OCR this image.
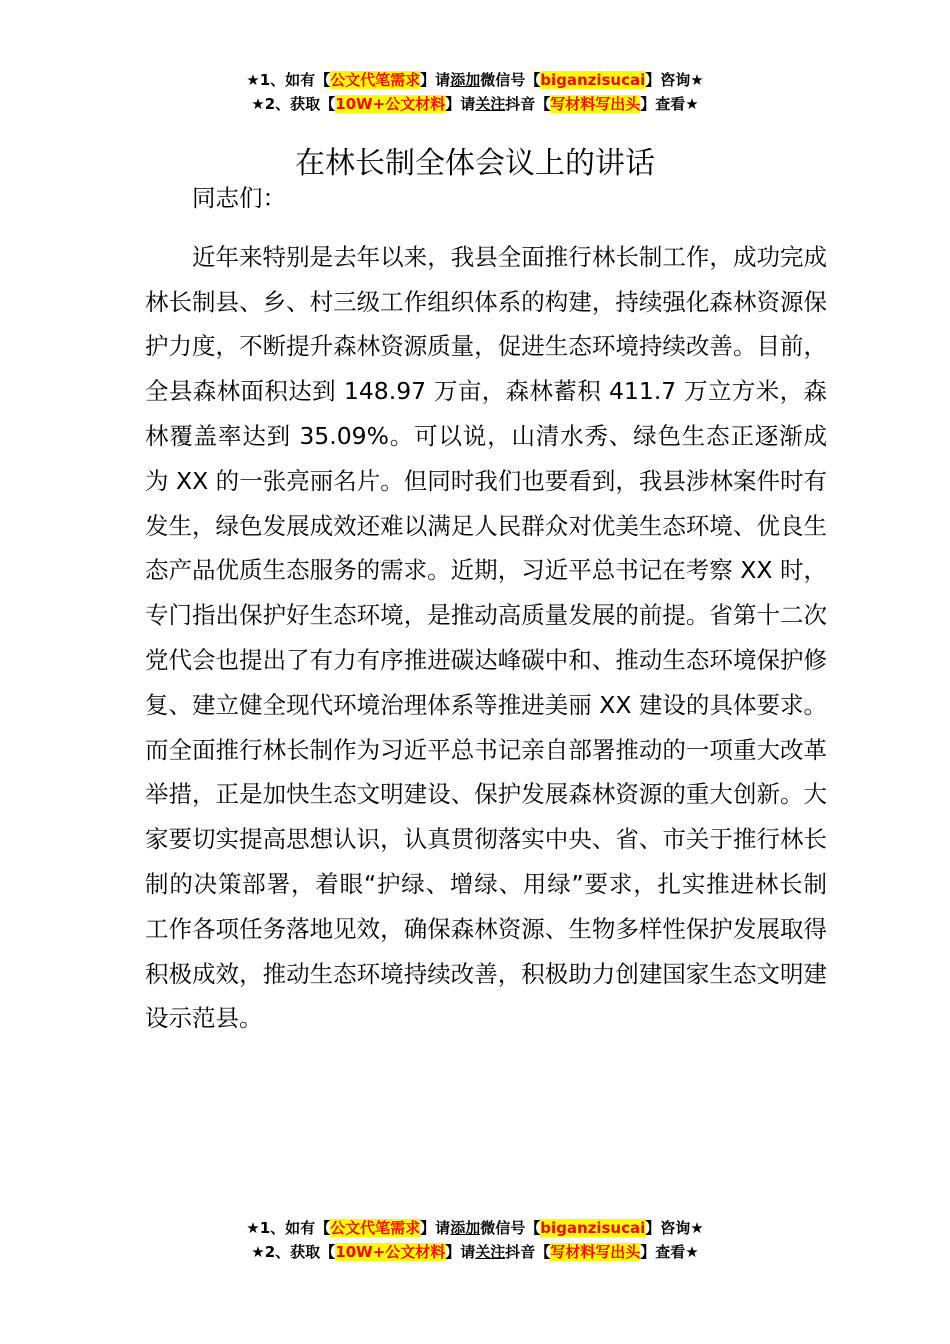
★1、如有【公文代笔需求】请添加微信号【biganzisucai】咨询★
★2、获取【10W+公文材料】请关注抖音【写材料写出头】查看★
在林长制全体会议上的讲话

同志们：

近年来特别是去年以来，我县全面推行林长制工作，成功完成林长制县、乡、村三级工作组织体系的构建，持续强化森林资源保护力度，不断提升森林资源质量，促进生态环境持续改善。目前，全县森林面积达到 148.97 万亩，森林蓄积 411.7 万立方米，森林覆盖率达到 35.09%。可以说，山清水秀、绿色生态正逐渐成为 XX 的一张亮丽名片。但同时我们也要看到，我县涉林案件时有发生，绿色发展成效还难以满足人民群众对优美生态环境、优良生态产品优质生态服务的需求。近期，习近平总书记在考察 XX 时，专门指出保护好生态环境，是推动高质量发展的前提。省第十二次党代会也提出了有力有序推进碳达峰碳中和、推动生态环境保护修复、建立健全现代环境治理体系等推进美丽 XX 建设的具体要求。而全面推行林长制作为习近平总书记亲自部署推动的一项重大改革举措，正是加快生态文明建设、保护发展森林资源的重大创新。大家要切实提高思想认识，认真贯彻落实中央、省、市关于推行林长制的决策部署，着眼“护绿、增绿、用绿”要求，扎实推进林长制工作各项任务落地见效，确保森林资源、生物多样性保护发展取得积极成效，推动生态环境持续改善，积极助力创建国家生态文明建设示范县。

★1、如有【公文代笔需求】请添加微信号【biganzisucai】咨询★
★2、获取【10W+公文材料】请关注抖音【写材料写出头】查看★
